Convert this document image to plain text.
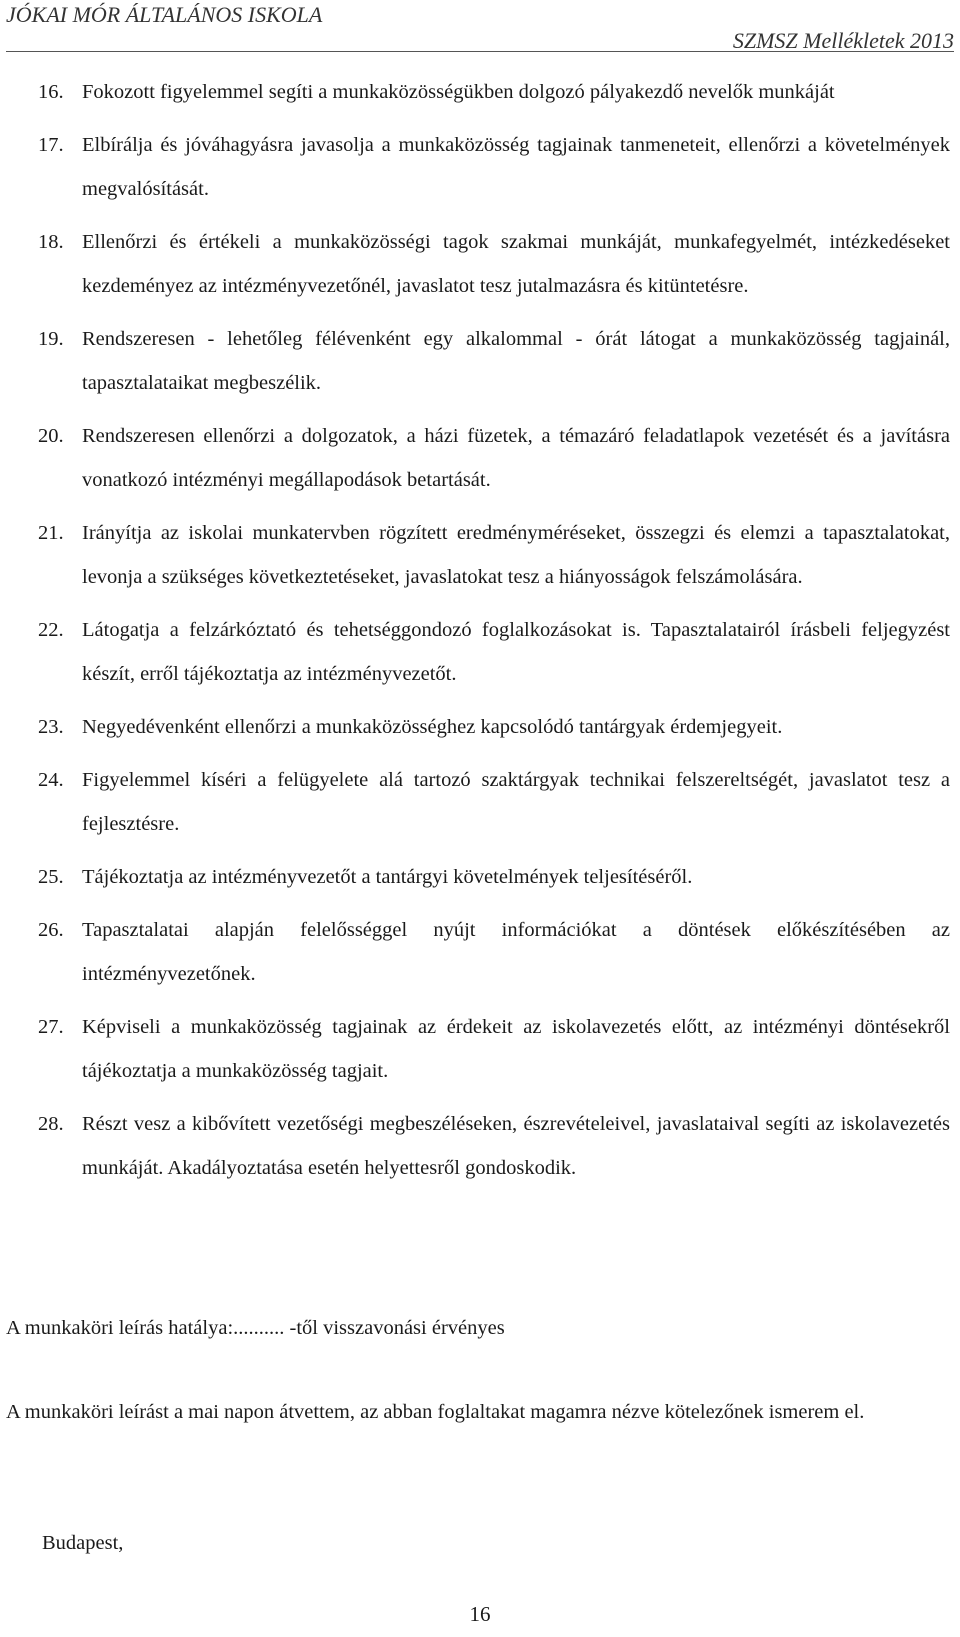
JÓKAI MÓR ÁLTALÁNOS ISKOLA
SZMSZ Mellékletek 2013
16. Fokozott figyelemmel segíti a munkaközösségükben dolgozó pályakezdő nevelők munkáját
17. Elbírálja és jóváhagyásra javasolja a munkaközösség tagjainak tanmeneteit, ellenőrzi a követelmények megvalósítását.
18. Ellenőrzi és értékeli a munkaközösségi tagok szakmai munkáját, munkafegyelmét, intézkedéseket kezdeményez az intézményvezetőnél, javaslatot tesz jutalmazásra és kitüntetésre.
19. Rendszeresen - lehetőleg félévenként egy alkalommal - órát látogat a munkaközösség tagjainál, tapasztalataikat megbeszélik.
20. Rendszeresen ellenőrzi a dolgozatok, a házi füzetek, a témazáró feladatlapok vezetését és a javításra vonatkozó intézményi megállapodások betartását.
21. Irányítja az iskolai munkatervben rögzített eredményméréseket, összegzi és elemzi a tapasztalatokat, levonja a szükséges következtetéseket, javaslatokat tesz a hiányosságok felszámolására.
22. Látogatja a felzárkóztató és tehetséggondozó foglalkozásokat is. Tapasztalatairól írásbeli feljegyzést készít, erről tájékoztatja az intézményvezetőt.
23. Negyedévenként ellenőrzi a munkaközösséghez kapcsolódó tantárgyak érdemjegyeit.
24. Figyelemmel kíséri a felügyelete alá tartozó szaktárgyak technikai felszereltségét, javaslatot tesz a fejlesztésre.
25. Tájékoztatja az intézményvezetőt a tantárgyi követelmények teljesítéséről.
26. Tapasztalatai alapján felelősséggel nyújt információkat a döntések előkészítésében az intézményvezetőnek.
27. Képviseli a munkaközösség tagjainak az érdekeit az iskolavezetés előtt, az intézményi döntésekről tájékoztatja a munkaközösség tagjait.
28. Részt vesz a kibővített vezetőségi megbeszéléseken, észrevételeivel, javaslataival segíti az iskolavezetés munkáját. Akadályoztatása esetén helyettesről gondoskodik.

A munkaköri leírás hatálya:.......... -től visszavonási érvényes

A munkaköri leírást a mai napon átvettem, az abban foglaltakat magamra nézve kötelezőnek ismerem el.

Budapest,

16
